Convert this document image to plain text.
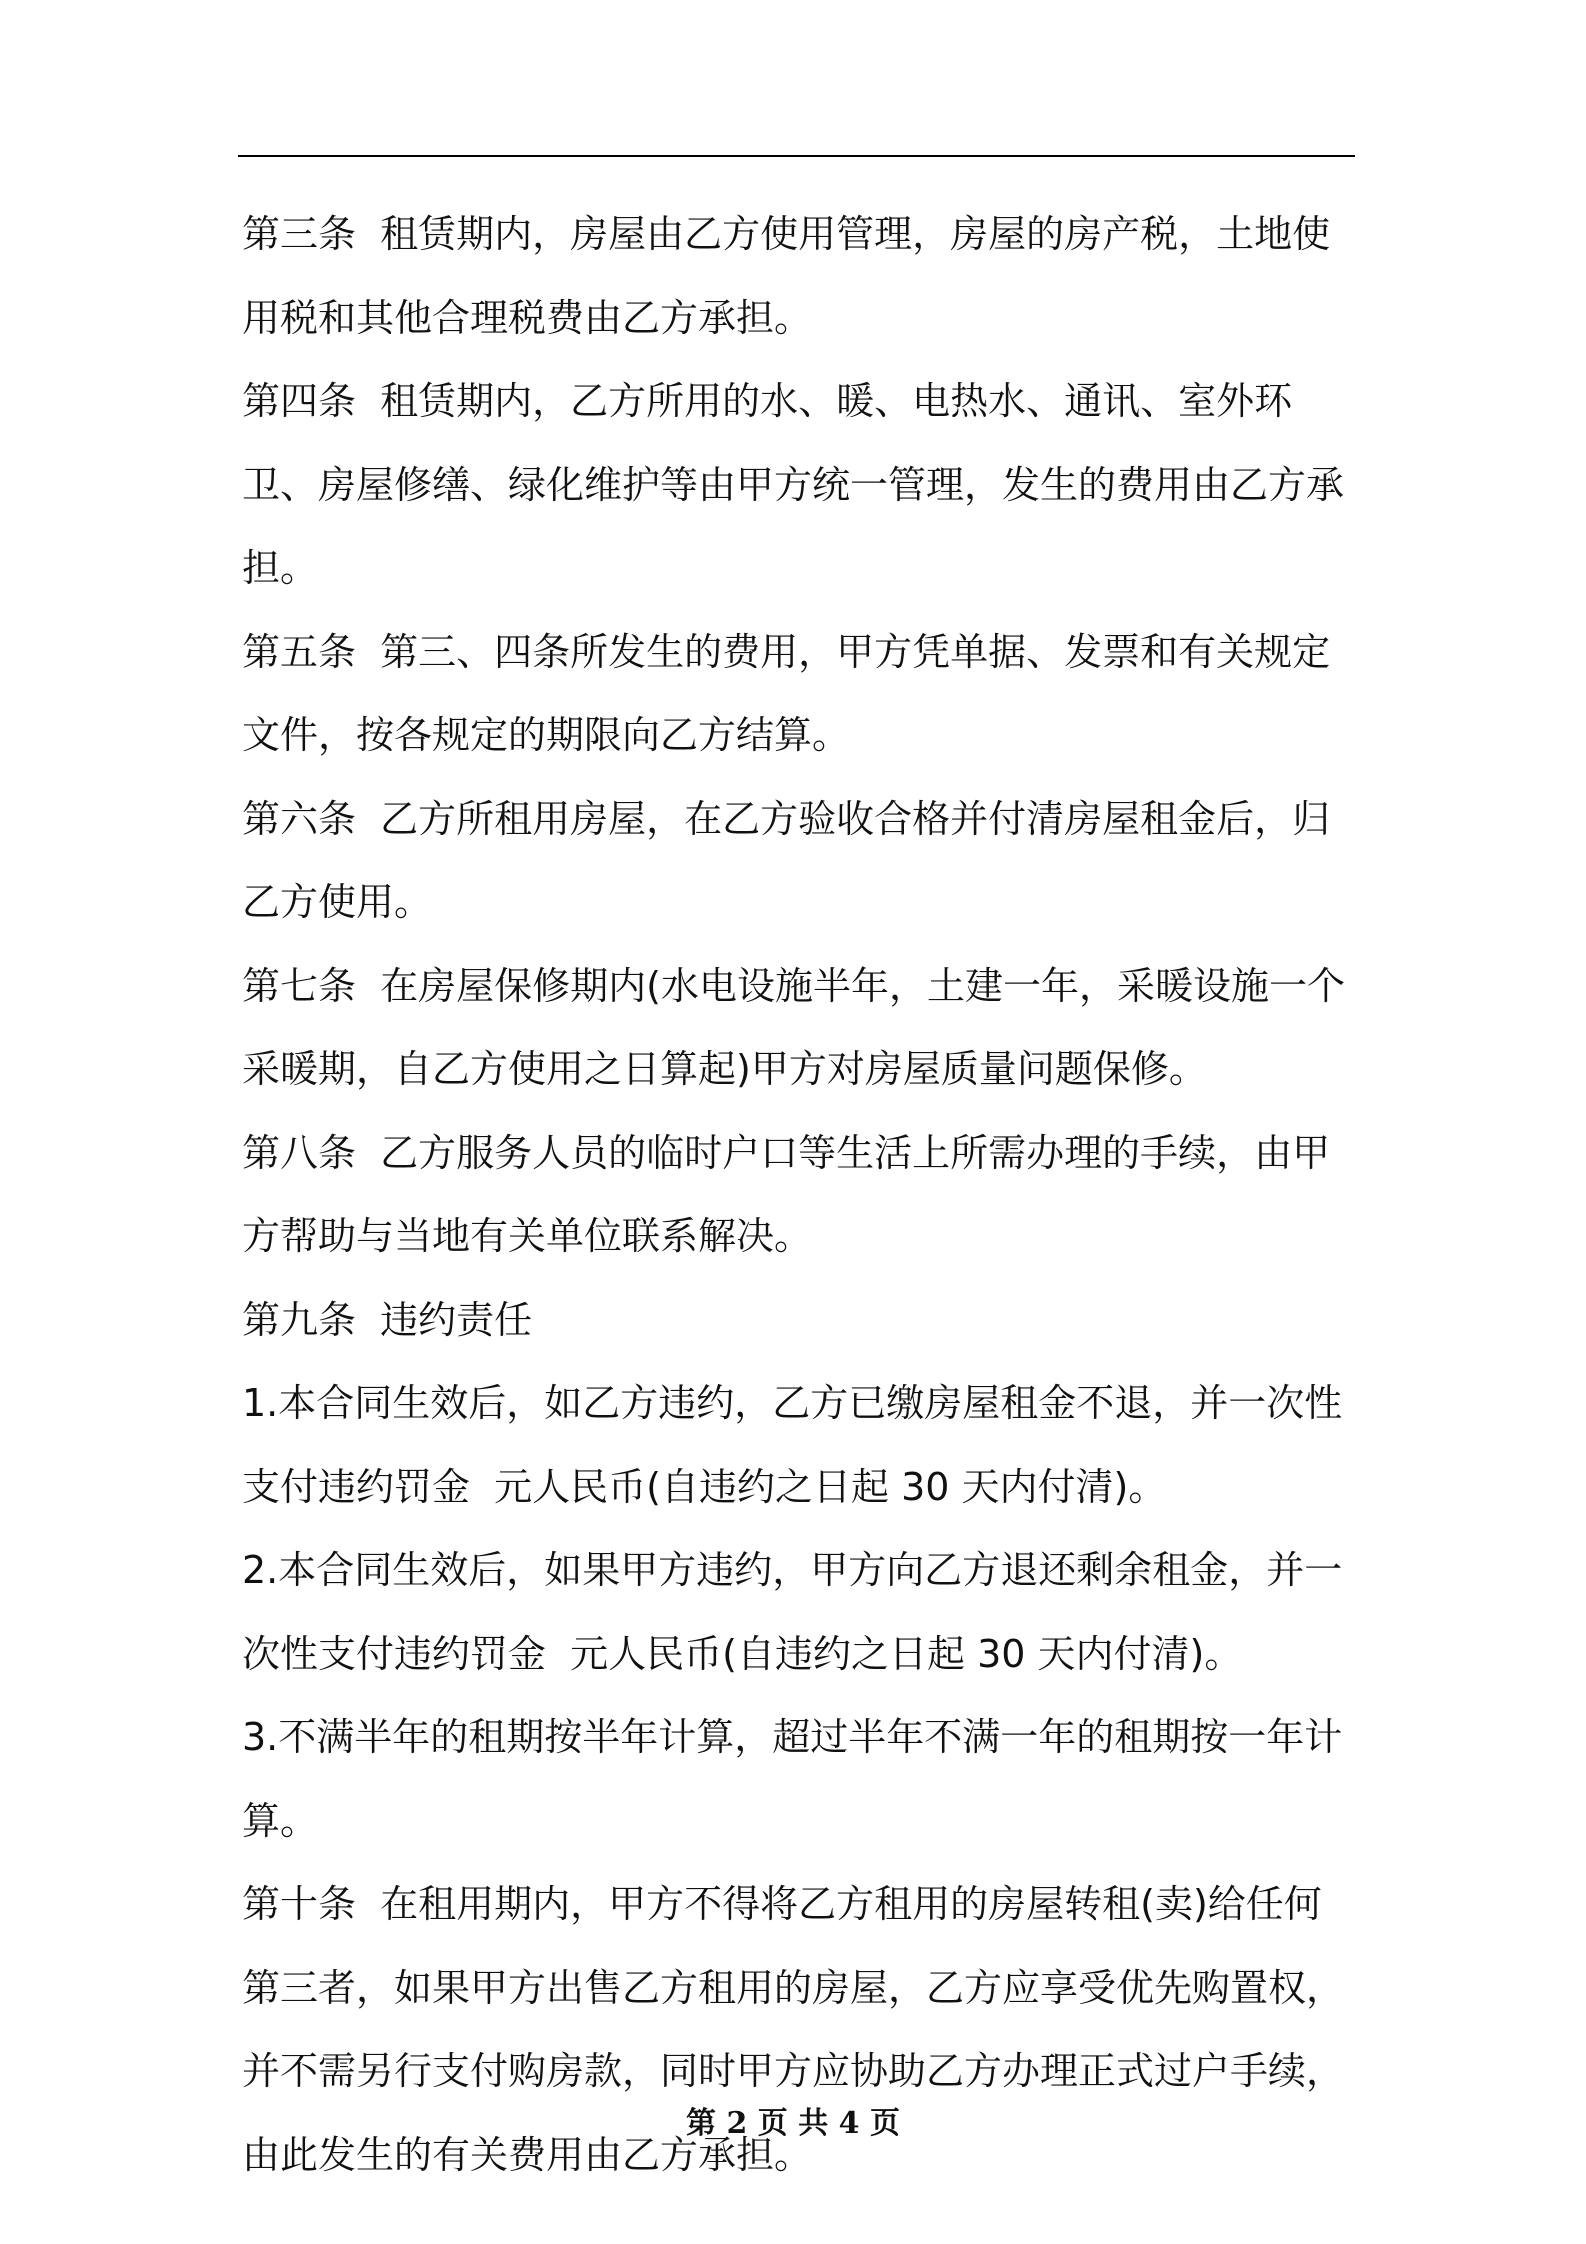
第三条  租赁期内，房屋由乙方使用管理，房屋的房产税，土地使用税和其他合理税费由乙方承担。

第四条  租赁期内，乙方所用的水、暖、电热水、通讯、室外环卫、房屋修缮、绿化维护等由甲方统一管理，发生的费用由乙方承担。

第五条  第三、四条所发生的费用，甲方凭单据、发票和有关规定文件，按各规定的期限向乙方结算。

第六条  乙方所租用房屋，在乙方验收合格并付清房屋租金后，归乙方使用。

第七条  在房屋保修期内(水电设施半年，土建一年，采暖设施一个采暖期，自乙方使用之日算起)甲方对房屋质量问题保修。

第八条  乙方服务人员的临时户口等生活上所需办理的手续，由甲方帮助与当地有关单位联系解决。

第九条  违约责任

1.本合同生效后，如乙方违约，乙方已缴房屋租金不退，并一次性支付违约罚金  元人民币(自违约之日起 30 天内付清)。

2.本合同生效后，如果甲方违约，甲方向乙方退还剩余租金，并一次性支付违约罚金  元人民币(自违约之日起 30 天内付清)。

3.不满半年的租期按半年计算，超过半年不满一年的租期按一年计算。

第十条  在租用期内，甲方不得将乙方租用的房屋转租(卖)给任何第三者，如果甲方出售乙方租用的房屋，乙方应享受优先购置权，并不需另行支付购房款，同时甲方应协助乙方办理正式过户手续，由此发生的有关费用由乙方承担。

第 2 页 共 4 页
